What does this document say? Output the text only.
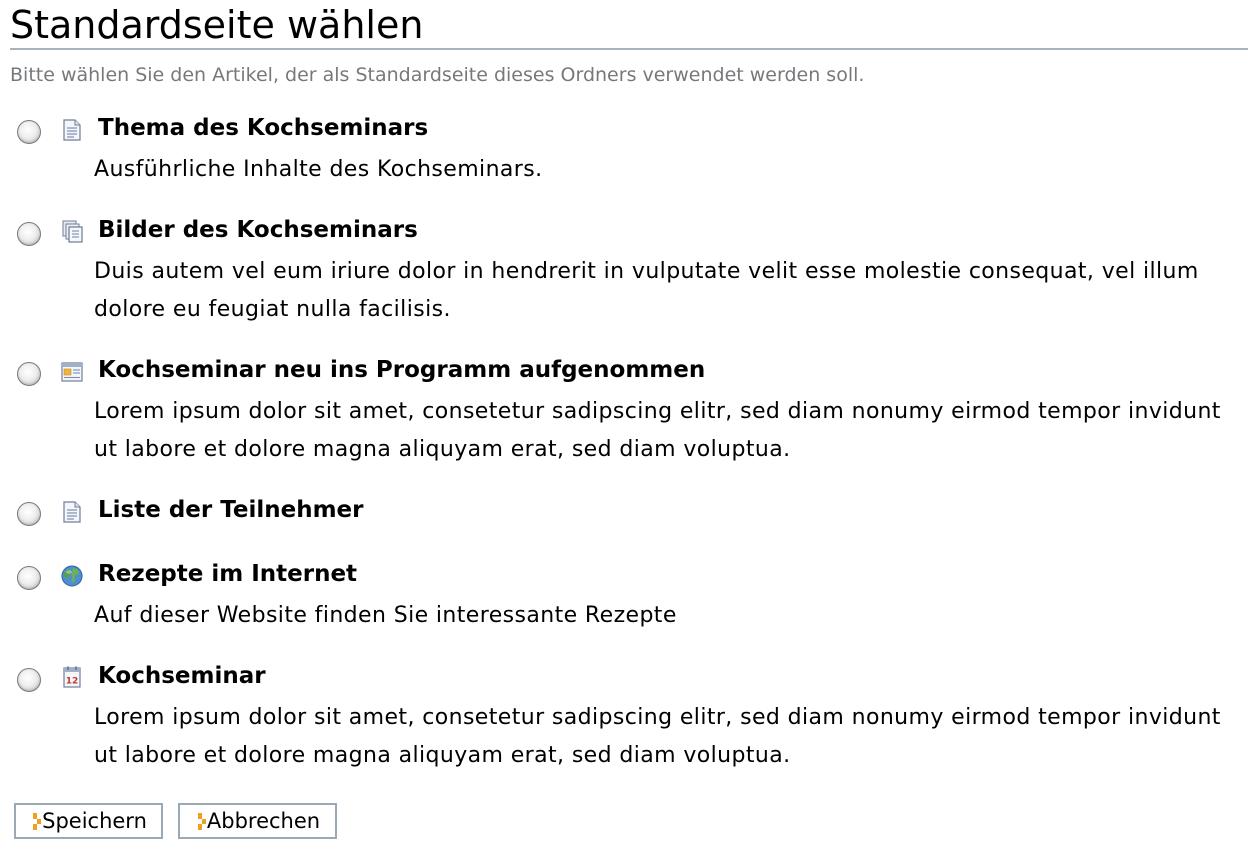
Standardseite wählen
Bitte wählen Sie den Artikel, der als Standardseite dieses Ordners verwendet werden soll.
Thema des Kochseminars
Ausführliche Inhalte des Kochseminars.
Bilder des Kochseminars
Duis autem vel eum iriure dolor in hendrerit in vulputate velit esse molestie consequat, vel illum dolore eu feugiat nulla facilisis.
Kochseminar neu ins Programm aufgenommen
Lorem ipsum dolor sit amet, consetetur sadipscing elitr, sed diam nonumy eirmod tempor invidunt ut labore et dolore magna aliquyam erat, sed diam voluptua.
Liste der Teilnehmer
Rezepte im Internet
Auf dieser Website finden Sie interessante Rezepte
12 Kochseminar
Lorem ipsum dolor sit amet, consetetur sadipscing elitr, sed diam nonumy eirmod tempor invidunt ut labore et dolore magna aliquyam erat, sed diam voluptua.
Speichern	Abbrechen
